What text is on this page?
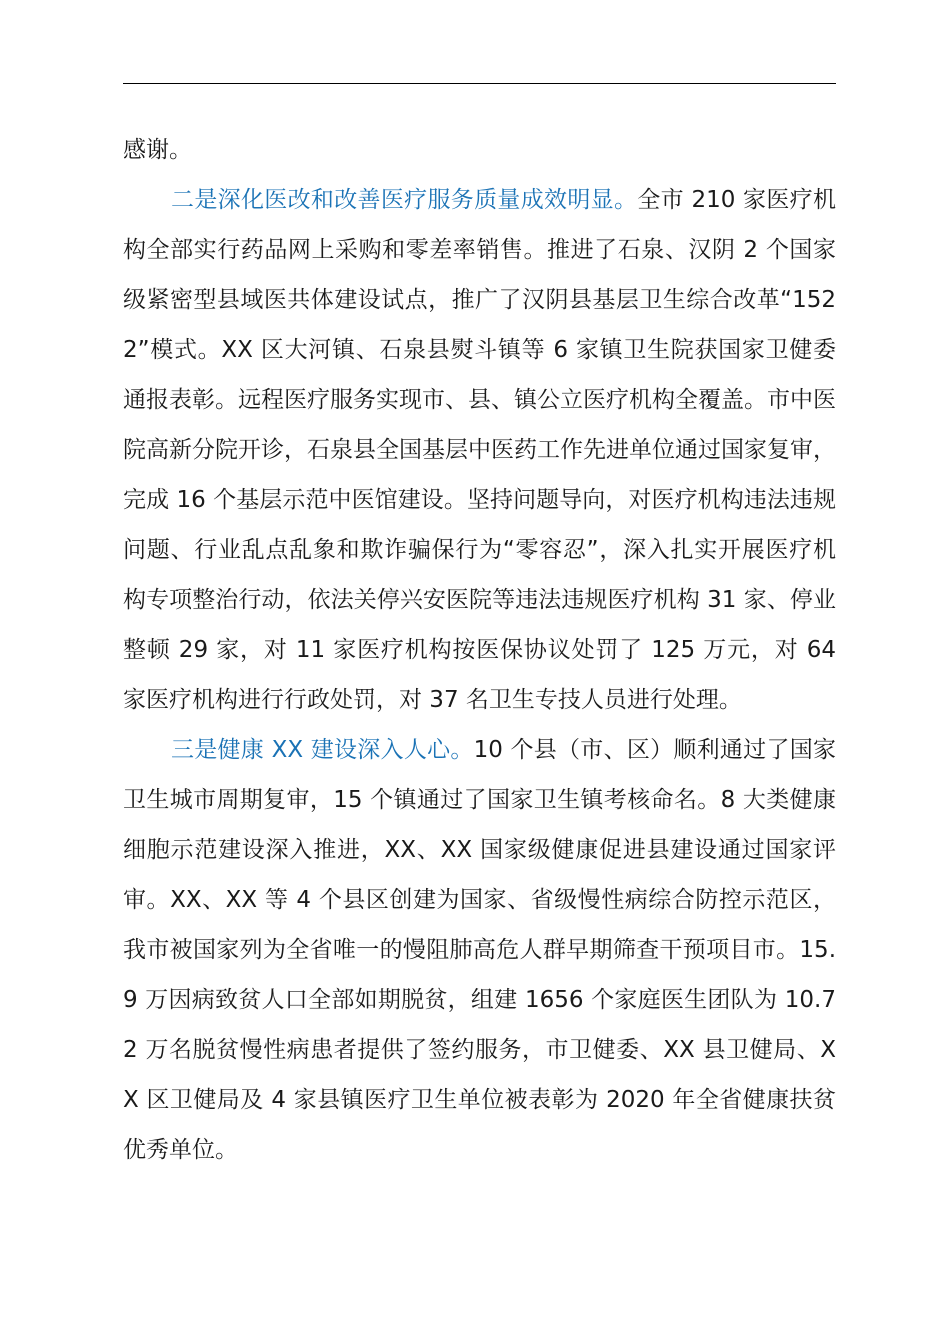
感谢。

二是深化医改和改善医疗服务质量成效明显。全市 210 家医疗机构全部实行药品网上采购和零差率销售。推进了石泉、汉阴 2 个国家级紧密型县域医共体建设试点，推广了汉阴县基层卫生综合改革“1522”模式。XX 区大河镇、石泉县熨斗镇等 6 家镇卫生院获国家卫健委通报表彰。远程医疗服务实现市、县、镇公立医疗机构全覆盖。市中医院高新分院开诊，石泉县全国基层中医药工作先进单位通过国家复审，完成 16 个基层示范中医馆建设。坚持问题导向，对医疗机构违法违规问题、行业乱点乱象和欺诈骗保行为“零容忍”，深入扎实开展医疗机构专项整治行动，依法关停兴安医院等违法违规医疗机构 31 家、停业整顿 29 家，对 11 家医疗机构按医保协议处罚了 125 万元，对 64 家医疗机构进行行政处罚，对 37 名卫生专技人员进行处理。

三是健康 XX 建设深入人心。10 个县（市、区）顺利通过了国家卫生城市周期复审，15 个镇通过了国家卫生镇考核命名。8 大类健康细胞示范建设深入推进，XX、XX 国家级健康促进县建设通过国家评审。XX、XX 等 4 个县区创建为国家、省级慢性病综合防控示范区，我市被国家列为全省唯一的慢阻肺高危人群早期筛查干预项目市。15.9 万因病致贫人口全部如期脱贫，组建 1656 个家庭医生团队为 10.72 万名脱贫慢性病患者提供了签约服务，市卫健委、XX 县卫健局、XX 区卫健局及 4 家县镇医疗卫生单位被表彰为 2020 年全省健康扶贫优秀单位。
